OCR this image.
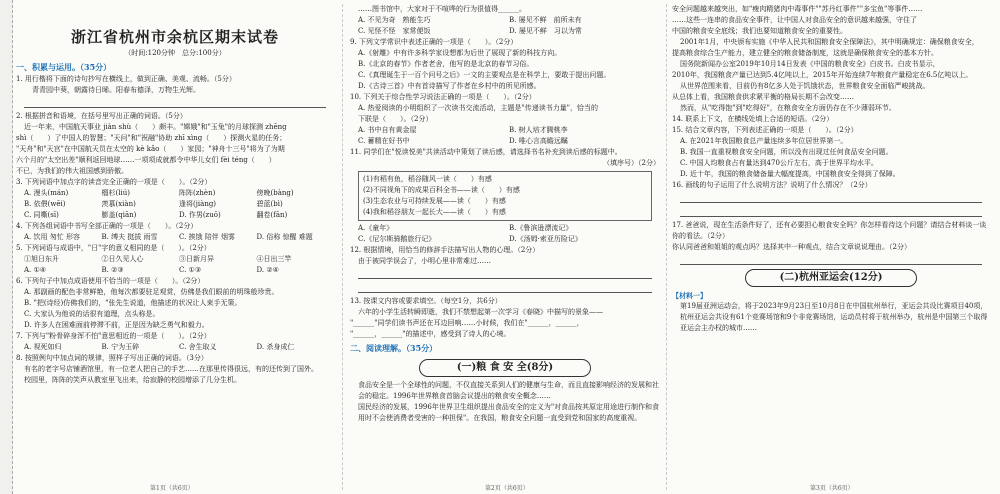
浙江省杭州市余杭区期末试卷
（时间:120分钟　总分:100分）
一、积累与运用。（35分）

1. 用行楷将下面的诗句抄写在横线上，做到正确、美观、流畅。（5分）

青青园中葵，朝露待日晞。阳春布德泽，万物生光辉。

2. 根据拼音和语境，在括号里写出正确的词语。（5分）

近一年来，中国航天事业 jiàn shù（　　）颇丰。"嫦娥"和"玉兔"的月球探测 zhēng

shì（　　）了中国人的智慧；"天问"和"祝融"协助 zhī xìng（　　）探测火星的任务；

"天舟"和"天宫"在中国航天员在太空的 kè kǎo（　　）家园；"神舟十三号"将为了为期

六个月的"太空出差"顺利返回地球……一项项成就都令中华儿女们 fèi téng（　　）

不已，为我们的伟大祖国感到骄傲。

3. 下列词语中加点字的读音完全正确的一项是（　　）。（2分）

A. 漫头(mán)	榴杉(liú)	阵阵(zhèn)	傍晚(bàng)
B. 依偎(wēi)	羡慕(xiàn)	逢将(jiàng)	碧蓝(bì)
C. 同嘶(sī)	膨盖(qiān)	D. 作男(zuō)	翻卷(fān)

4. 下列各组词语中书写全部正确的一项是（　　）。（2分）

A. 饮用 匆忙 形容	B. 缚夫 挺拔 雨雪	C. 挨饿 陪伴 烟雾	D. 俗称 惊醒 难题

5. 下列词语与成语中，"日"字的意义相同的是（　　）。（2分）

①旭日东升	②日久见人心	③日新月异	④日出三竿
A. ①④	B. ②③	C. ①③	D. ②④

6. 下列句子中加点成语使用不恰当的一项是（　　）。（2分）

A. 那副画的配色非常鲜艳，他每次都要驻足观赏，仿佛是我们眼前的明珠般珍贵。

B. "把(诗经)仿佛我们的，"张先生说道，他描述的状况让人束手无策。

C. 大家认为他说的话很有道理，点头称是。

D. 许多人在困难面前停滞不前，正是因为缺乏勇气和毅力。

7. 下列与"粉骨碎身浑不怕"意思相近的一项是（　　）。（2分）

A. 视死如归	B. 宁为玉碎	C. 舍生取义	D. 杀身成仁

8. 按照例句中加点词的规律，照样子写出正确的词语。（3分）

有名的老字号店铺酒馆里，有一位老人把自己的手艺……在那里传得很远，有的还传到了国外。

校园里，阵阵的笑声从教室里飞出来，给寂静的校园增添了几分生机。

第1页（共6页）

……图书馆中，大家对于不喧哗的行为很值得______。

A. 不见为奇　熟能生巧	B. 屡见不鲜　前所未有
C. 见怪不怪　家常便饭	D. 屡见不鲜　习以为常

9. 下列文学常识中表述正确的一项是（　　）。（2分）

A.《射雕》中有许多科学家设想都为后世了展现了新的科技方向。

B.《北京的春节》作者老舍，他写的是北京的春节习俗。

C.《真理诞生于一百个问号之后》一文的主要观点是在科学上，要敢于提出问题。

D.《古诗三首》中有首诗描写了作者在乡村中的所见所感。

10. 下列关于综合性学习说法正确的一项是（　　）。（2分）

A. 热爱阅读的小明组织了一次读书交流活动，主题是"传递读书力量"，恰当的

下联是（　　）。（2分）

A. 书中自有黄金屋	B. 树人培才腾桃李
C. 蓄精在好书中	D. 唯心言高瞻远瞩

11. 同学们在"悦读悦美"共读活动中策划了读后感，请选择书名补充到读后感的标题中。

（填序号）（2分）

(1)有稻有鱼，稻谷随风一读（　　）有感
(2)不同视角下的成果百科全书——读（　　）有感
(3)生态农业与可持续发展——读（　　）有感
(4)我和稻谷朋友一起长大——读（　　）有感
A.《童年》	B.《鲁滨逊漂流记》
C.《尼尔斯骑鹅旅行记》	D.《汤姆·索亚历险记》

12. 根据情境，用恰当的修辞手法描写出人物的心理。（2分）

由于被同学误会了，小明心里非常难过……

13. 按课文内容或要求填空。（每空1分，共6分）

六年的小学生活转瞬即逝，我们不禁想起第一次学习《春晓》中描写的景象——

"______"同学们读书声还在耳边回响……小时候，我们在"______，______，

"______，______"的描述中，感受到了诗人的心境。

二、阅读理解。（35分）
(一)粮 食 安 全(8分)

食品安全是一个全球性的问题，不仅直接关系到人们的健康与生命，而且直接影响经济的发展和社会的稳定。1996年世界粮食首脑会议提出的粮食安全概念……

国民经济的发展，1996年世界卫生组织提出食品安全的定义为"对食品按其原定用途进行制作和食用时不会使消费者受害的一种担保"。在我国，粮食安全问题一直受到党和国家的高度重视。

第2页（共6页）

安全问题越来越突出，如"瘦肉精猪肉中毒事件""苏丹红事件""多宝鱼"等事件……

……这些一连串的食品安全事件，让中国人对食品安全的意识越来越强，守住了

中国的粮食安全底线；我们也要知道粮食安全的重要性。

2001年1月，中央颁布实施《中华人民共和国粮食安全保障法》，其中明确规定：确保粮食安全，

提高粮食综合生产能力，建立健全的粮食储备制度，这就是确保粮食安全的基本方针。

国务院新闻办公室2019年10月14日发表《中国的粮食安全》白皮书。白皮书显示，

2010年，我国粮食产量已达到5.4亿吨以上，2015年开始连续7年粮食产量稳定在6.5亿吨以上。

从世界范围来看，目前仍有8亿多人处于饥饿状态，世界粮食安全面临严峻挑战。

从总体上看，我国粮食供求紧平衡的格局长期不会改变……

然而，从"吃得饱"到"吃得好"，在粮食安全方面仍存在不少薄弱环节。

14. 联系上下文，在横线处填上合适的短语。（2分）

15. 结合文章内容，下列表述正确的一项是（　　）。（2分）

A. 在2021年我国粮食总产量连续多年位居世界第一。

B. 我国一直重视粮食安全问题，所以没有出现过任何食品安全问题。

C. 中国人均粮食占有量达到470公斤左右，高于世界平均水平。

D. 近十年，我国的粮食储备量大幅度提高，中国粮食安全得到了保障。

16. 画线的句子运用了什么说明方法？说明了什么情况？（2分）

17. 爸爸说，现在生活条件好了，还有必要担心粮食安全吗？你怎样看待这个问题？请结合材料谈一谈你的看法。（2分）

你认同爸爸和姐姐的观点吗？选择其中一种观点，结合文章说说理由。（2分）

(二)杭州亚运会(12分)

【材料一】

第19届亚洲运动会，将于2023年9月23日至10月8日在中国杭州举行，亚运会共设比赛项目40项，杭州亚运会共设有61个竞赛场馆和9个非竞赛场馆，运动员村将于杭州举办，杭州是中国第三个取得亚运会主办权的城市……

第3页（共6页）
